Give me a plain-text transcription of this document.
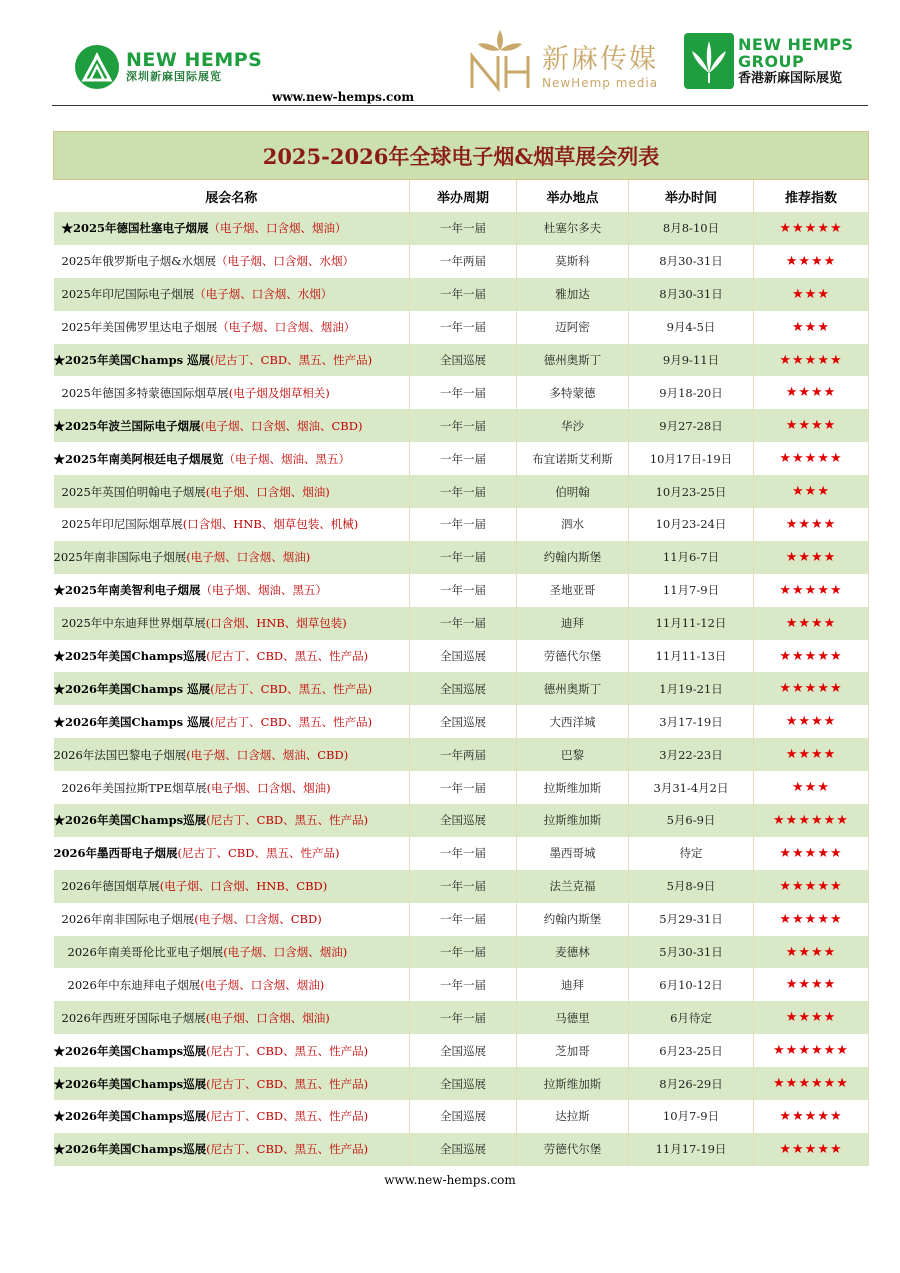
NEW HEMPS
深圳新麻国际展览
www.new-hemps.com
新麻传媒
NewHemp media
NEW HEMPS
GROUP
香港新麻国际展览
2025-2026年全球电子烟&烟草展会列表				
展会名称	举办周期	举办地点	举办时间	推荐指数
★2025年德国杜塞电子烟展（电子烟、口含烟、烟油）	一年一届	杜塞尔多夫	8月8-10日	★★★★★
2025年俄罗斯电子烟&水烟展（电子烟、口含烟、水烟）	一年两届	莫斯科	8月30-31日	★★★★
2025年印尼国际电子烟展（电子烟、口含烟、水烟）	一年一届	雅加达	8月30-31日	★★★
2025年美国佛罗里达电子烟展（电子烟、口含烟、烟油）	一年一届	迈阿密	9月4-5日	★★★
★2025年美国Champs 巡展(尼古丁、CBD、黑五、性产品)	全国巡展	德州奥斯丁	9月9-11日	★★★★★
2025年德国多特蒙德国际烟草展(电子烟及烟草相关)	一年一届	多特蒙德	9月18-20日	★★★★
★2025年波兰国际电子烟展(电子烟、口含烟、烟油、CBD)	一年一届	华沙	9月27-28日	★★★★
★2025年南美阿根廷电子烟展览（电子烟、烟油、黑五）	一年一届	布宜诺斯艾利斯	10月17日-19日	★★★★★
2025年英国伯明翰电子烟展(电子烟、口含烟、烟油)	一年一届	伯明翰	10月23-25日	★★★
2025年印尼国际烟草展(口含烟、HNB、烟草包装、机械)	一年一届	泗水	10月23-24日	★★★★
2025年南非国际电子烟展(电子烟、口含烟、烟油)	一年一届	约翰内斯堡	11月6-7日	★★★★
★2025年南美智利电子烟展（电子烟、烟油、黑五）	一年一届	圣地亚哥	11月7-9日	★★★★★
2025年中东迪拜世界烟草展(口含烟、HNB、烟草包装)	一年一届	迪拜	11月11-12日	★★★★
★2025年美国Champs巡展(尼古丁、CBD、黑五、性产品)	全国巡展	劳德代尔堡	11月11-13日	★★★★★
★2026年美国Champs 巡展(尼古丁、CBD、黑五、性产品)	全国巡展	德州奥斯丁	1月19-21日	★★★★★
★2026年美国Champs 巡展(尼古丁、CBD、黑五、性产品)	全国巡展	大西洋城	3月17-19日	★★★★
2026年法国巴黎电子烟展(电子烟、口含烟、烟油、CBD)	一年两届	巴黎	3月22-23日	★★★★
2026年美国拉斯TPE烟草展(电子烟、口含烟、烟油)	一年一届	拉斯维加斯	3月31-4月2日	★★★
★2026年美国Champs巡展(尼古丁、CBD、黑五、性产品)	全国巡展	拉斯维加斯	5月6-9日	★★★★★★
2026年墨西哥电子烟展(尼古丁、CBD、黑五、性产品)	一年一届	墨西哥城	待定	★★★★★
2026年德国烟草展(电子烟、口含烟、HNB、CBD)	一年一届	法兰克福	5月8-9日	★★★★★
2026年南非国际电子烟展(电子烟、口含烟、CBD)	一年一届	约翰内斯堡	5月29-31日	★★★★★
2026年南美哥伦比亚电子烟展(电子烟、口含烟、烟油)	一年一届	麦德林	5月30-31日	★★★★
2026年中东迪拜电子烟展(电子烟、口含烟、烟油)	一年一届	迪拜	6月10-12日	★★★★
2026年西班牙国际电子烟展(电子烟、口含烟、烟油)	一年一届	马德里	6月待定	★★★★
★2026年美国Champs巡展(尼古丁、CBD、黑五、性产品)	全国巡展	芝加哥	6月23-25日	★★★★★★
★2026年美国Champs巡展(尼古丁、CBD、黑五、性产品)	全国巡展	拉斯维加斯	8月26-29日	★★★★★★
★2026年美国Champs巡展(尼古丁、CBD、黑五、性产品)	全国巡展	达拉斯	10月7-9日	★★★★★
★2026年美国Champs巡展(尼古丁、CBD、黑五、性产品)	全国巡展	劳德代尔堡	11月17-19日	★★★★★
www.new-hemps.com
